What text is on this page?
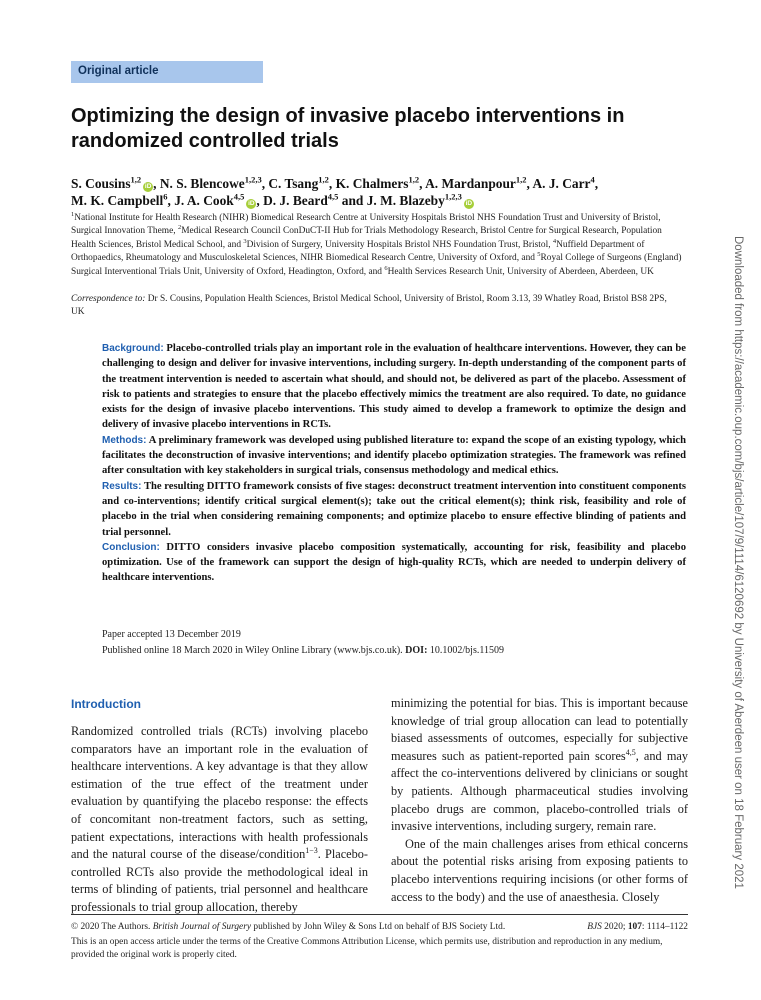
Original article
Optimizing the design of invasive placebo interventions in randomized controlled trials
S. Cousins$^{1,2}$iD , N. S. Blencowe$^{1,2,3}$, C. Tsang$^{1,2}$, K. Chalmers$^{1,2}$, A. Mardanpour$^{1,2}$, A. J. Carr$^4$,
M. K. Campbell$^6$, J. A. Cook$^{4,5}$iD , D. J. Beard$^{4,5}$ and J. M. Blazeby$^{1,2,3}$iD
$^1$National Institute for Health Research (NIHR) Biomedical Research Centre at University Hospitals Bristol NHS Foundation Trust and University of Bristol, Surgical Innovation Theme, $^2$Medical Research Council ConDuCT-II Hub for Trials Methodology Research, Bristol Centre for Surgical Research, Population Health Sciences, Bristol Medical School, and $^3$Division of Surgery, University Hospitals Bristol NHS Foundation Trust, Bristol, $^4$Nuffield Department of Orthopaedics, Rheumatology and Musculoskeletal Sciences, NIHR Biomedical Research Centre, University of Oxford, and $^5$Royal College of Surgeons (England) Surgical Interventional Trials Unit, University of Oxford, Headington, Oxford, and $^6$Health Services Research Unit, University of Aberdeen, Aberdeen, UK
Correspondence to: Dr S. Cousins, Population Health Sciences, Bristol Medical School, University of Bristol, Room 3.13, 39 Whatley Road, Bristol BS8 2PS, UK

Background: Placebo-controlled trials play an important role in the evaluation of healthcare interventions. However, they can be challenging to design and deliver for invasive interventions, including surgery. In-depth understanding of the component parts of the treatment intervention is needed to ascertain what should, and should not, be delivered as part of the placebo. Assessment of risk to patients and strategies to ensure that the placebo effectively mimics the treatment are also required. To date, no guidance exists for the design of invasive placebo interventions. This study aimed to develop a framework to optimize the design and delivery of invasive placebo interventions in RCTs.

Methods: A preliminary framework was developed using published literature to: expand the scope of an existing typology, which facilitates the deconstruction of invasive interventions; and identify placebo optimization strategies. The framework was refined after consultation with key stakeholders in surgical trials, consensus methodology and medical ethics.

Results: The resulting DITTO framework consists of five stages: deconstruct treatment intervention into constituent components and co-interventions; identify critical surgical element(s); take out the critical element(s); think risk, feasibility and role of placebo in the trial when considering remaining components; and optimize placebo to ensure effective blinding of patients and trial personnel.

Conclusion: DITTO considers invasive placebo composition systematically, accounting for risk, feasibility and placebo optimization. Use of the framework can support the design of high-quality RCTs, which are needed to underpin delivery of healthcare interventions.

Paper accepted 13 December 2019
Published online 18 March 2020 in Wiley Online Library (www.bjs.co.uk). DOI: 10.1002/bjs.11509
Introduction

Randomized controlled trials (RCTs) involving placebo comparators have an important role in the evaluation of healthcare interventions. A key advantage is that they allow estimation of the true effect of the treatment under evaluation by quantifying the placebo response: the effects of concomitant non-treatment factors, such as setting, patient expectations, interactions with health professionals and the natural course of the disease/condition$^{1-3}$. Placebo-controlled RCTs also provide the methodological ideal in terms of blinding of patients, trial personnel and healthcare professionals to trial group allocation, thereby

minimizing the potential for bias. This is important because knowledge of trial group allocation can lead to potentially biased assessments of outcomes, especially for subjective measures such as patient-reported pain scores$^{4,5}$, and may affect the co-interventions delivered by clinicians or sought by patients. Although pharmaceutical studies involving placebo drugs are common, placebo-controlled trials of invasive interventions, including surgery, remain rare.

One of the main challenges arises from ethical concerns about the potential risks arising from exposing patients to placebo interventions requiring incisions (or other forms of access to the body) and the use of anaesthesia. Closely

© 2020 The Authors. British Journal of Surgery published by John Wiley & Sons Ltd on behalf of BJS Society Ltd.	BJS 2020; 107: 1114–1122
This is an open access article under the terms of the Creative Commons Attribution License, which permits use, distribution and reproduction in any medium, provided the original work is properly cited.
Downloaded from https://academic.oup.com/bjs/article/107/9/1114/6120692 by University of Aberdeen user on 18 February 2021
